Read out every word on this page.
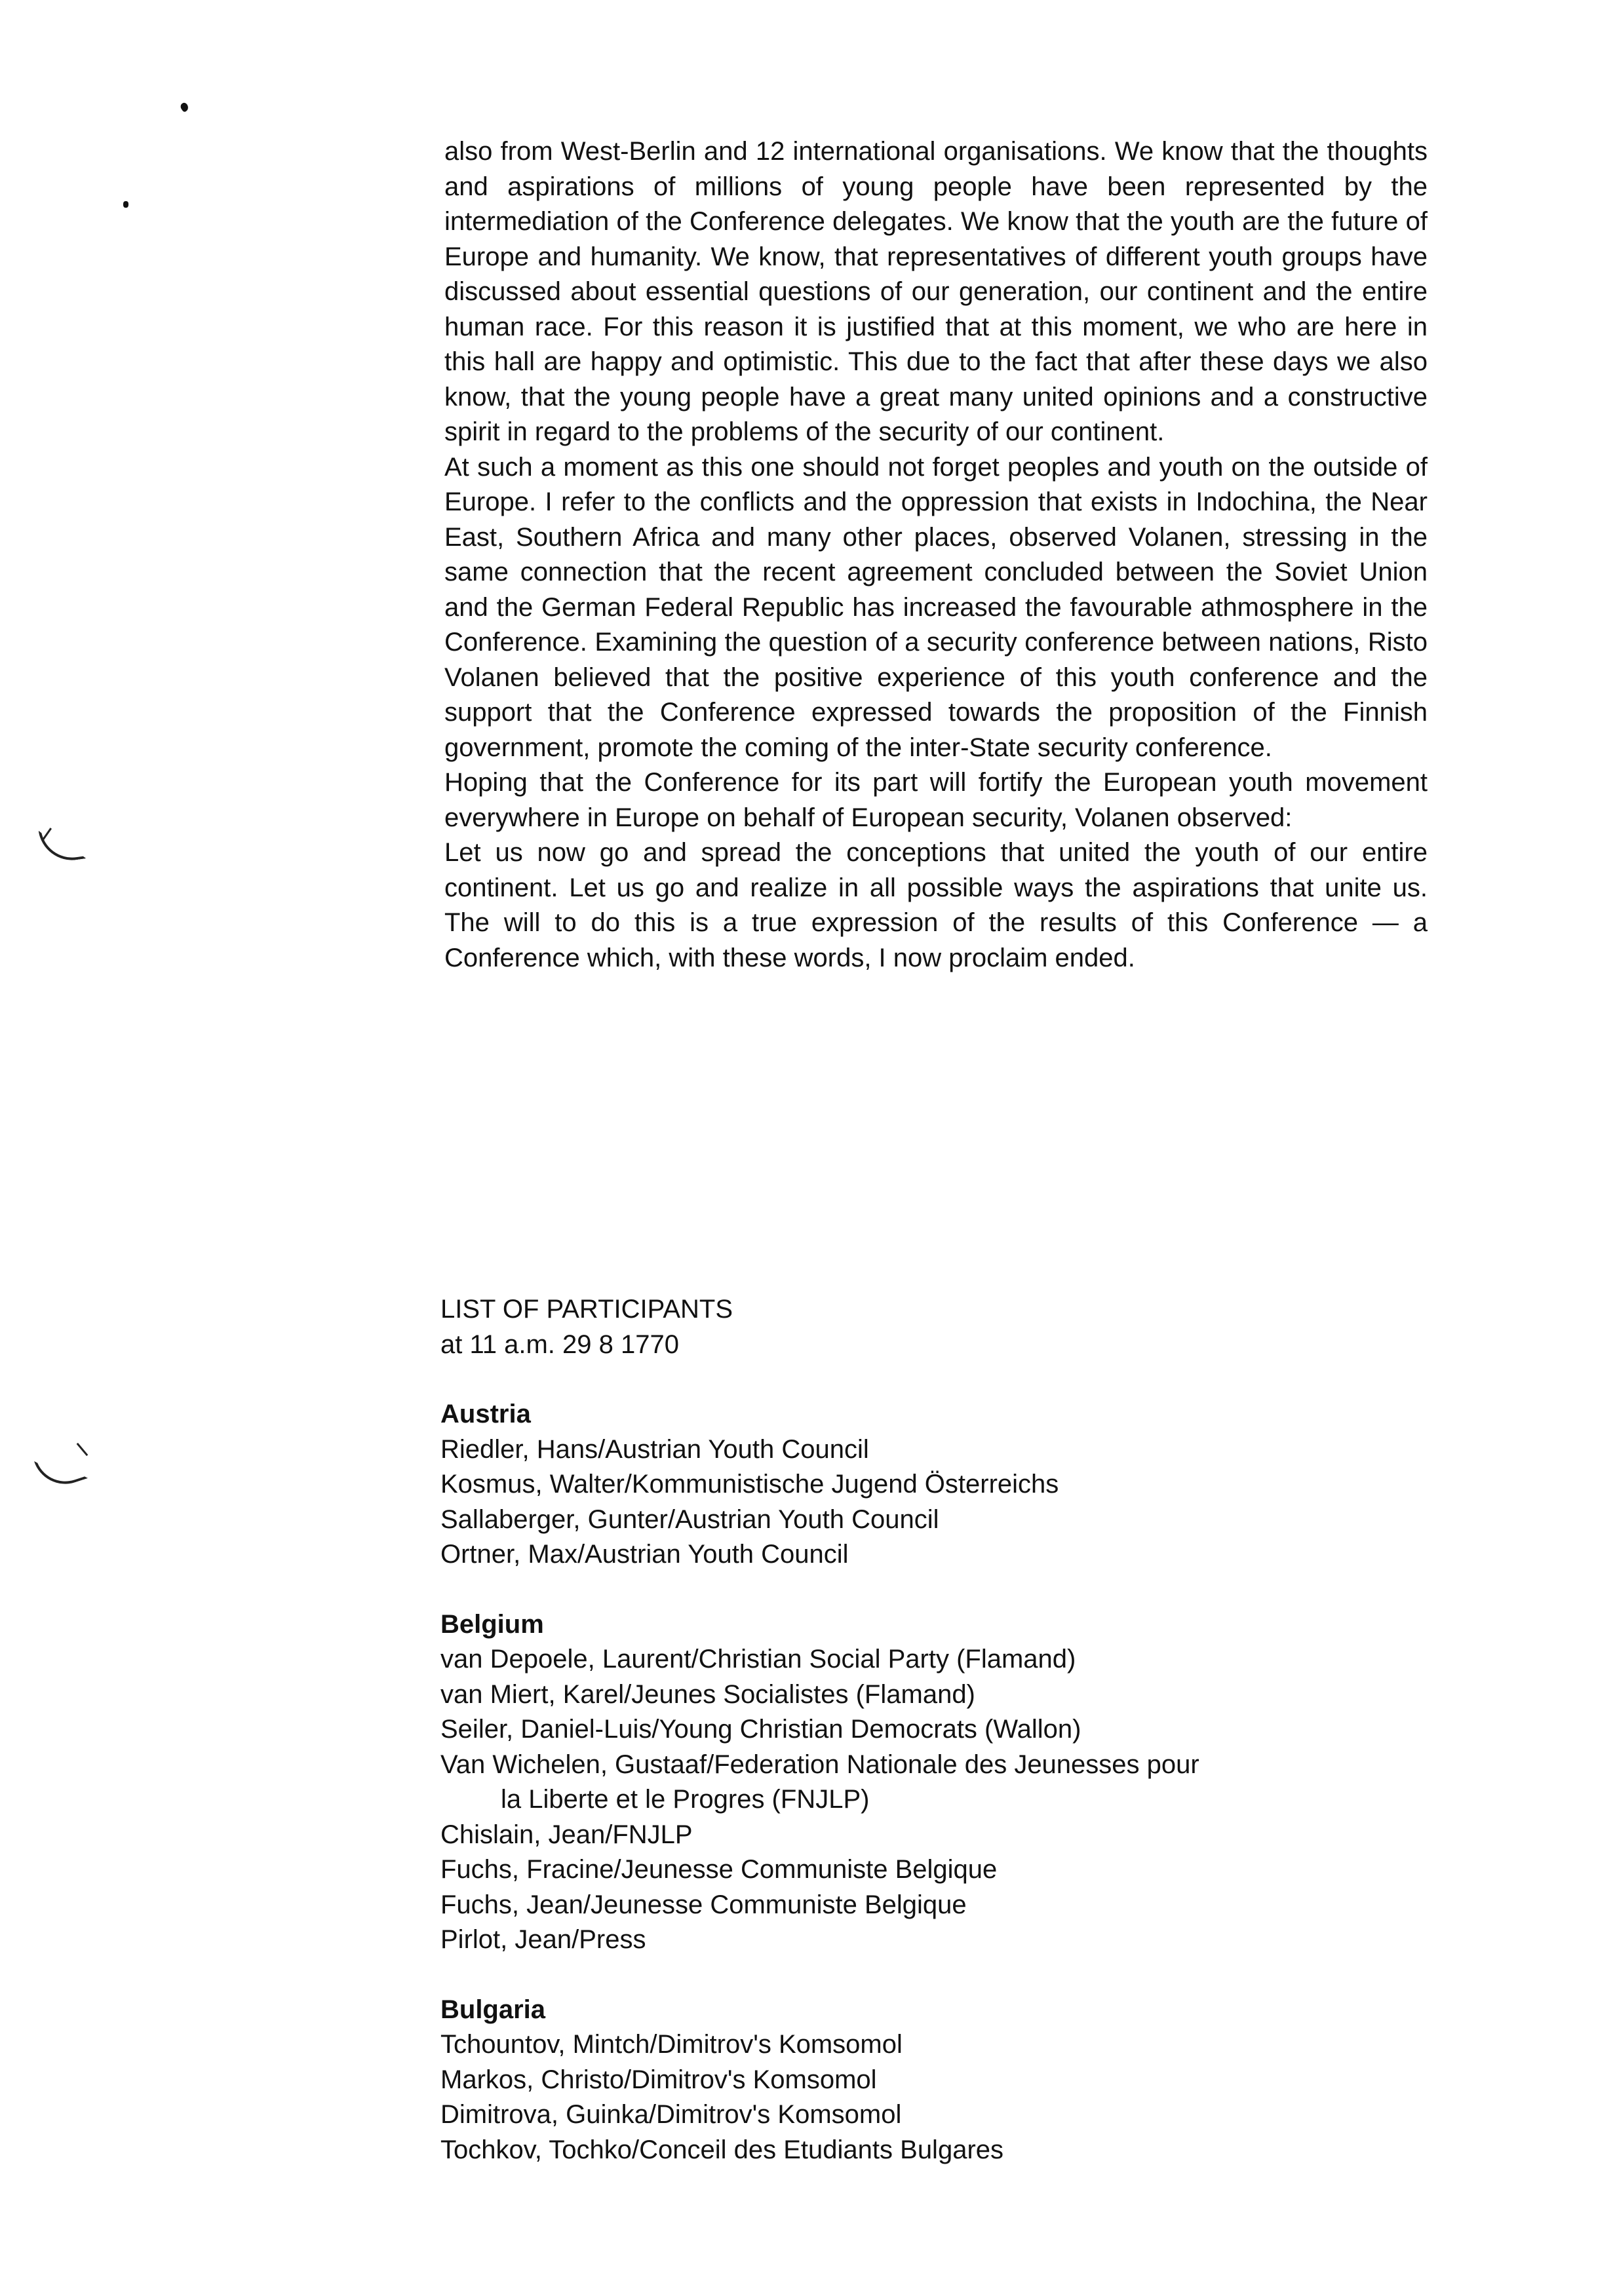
also from West-Berlin and 12 international organisations. We know that the thoughts and aspirations of millions of young people have been represented by the intermediation of the Conference delegates. We know that the youth are the future of Europe and humanity. We know, that representatives of different youth groups have discussed about essential questions of our generation, our continent and the entire human race. For this reason it is justified that at this moment, we who are here in this hall are happy and optimistic. This due to the fact that after these days we also know, that the young people have a great many united opinions and a constructive spirit in regard to the problems of the security of our continent.

At such a moment as this one should not forget peoples and youth on the outside of Europe. I refer to the conflicts and the oppression that exists in Indochina, the Near East, Southern Africa and many other places, observed Volanen, stressing in the same connection that the recent agreement concluded between the Soviet Union and the German Federal Republic has increased the favourable athmosphere in the Conference. Examining the question of a security conference between nations, Risto Volanen believed that the positive experience of this youth conference and the support that the Conference expressed towards the proposition of the Finnish government, promote the coming of the inter-State security conference.

Hoping that the Conference for its part will fortify the European youth movement everywhere in Europe on behalf of European security, Volanen observed:

Let us now go and spread the conceptions that united the youth of our entire continent. Let us go and realize in all possible ways the aspirations that unite us. The will to do this is a true expression of the results of this Conference — a Conference which, with these words, I now proclaim ended.

LIST OF PARTICIPANTS

at 11 a.m. 29 8 1770

Austria

Riedler, Hans/Austrian Youth Council

Kosmus, Walter/Kommunistische Jugend Österreichs

Sallaberger, Gunter/Austrian Youth Council

Ortner, Max/Austrian Youth Council

Belgium

van Depoele, Laurent/Christian Social Party (Flamand)

van Miert, Karel/Jeunes Socialistes (Flamand)

Seiler, Daniel-Luis/Young Christian Democrats (Wallon)

Van Wichelen, Gustaaf/Federation Nationale des Jeunesses pour

la Liberte et le Progres (FNJLP)

Chislain, Jean/FNJLP

Fuchs, Fracine/Jeunesse Communiste Belgique

Fuchs, Jean/Jeunesse Communiste Belgique

Pirlot, Jean/Press

Bulgaria

Tchountov, Mintch/Dimitrov's Komsomol

Markos, Christo/Dimitrov's Komsomol

Dimitrova, Guinka/Dimitrov's Komsomol

Tochkov, Tochko/Conceil des Etudiants Bulgares
